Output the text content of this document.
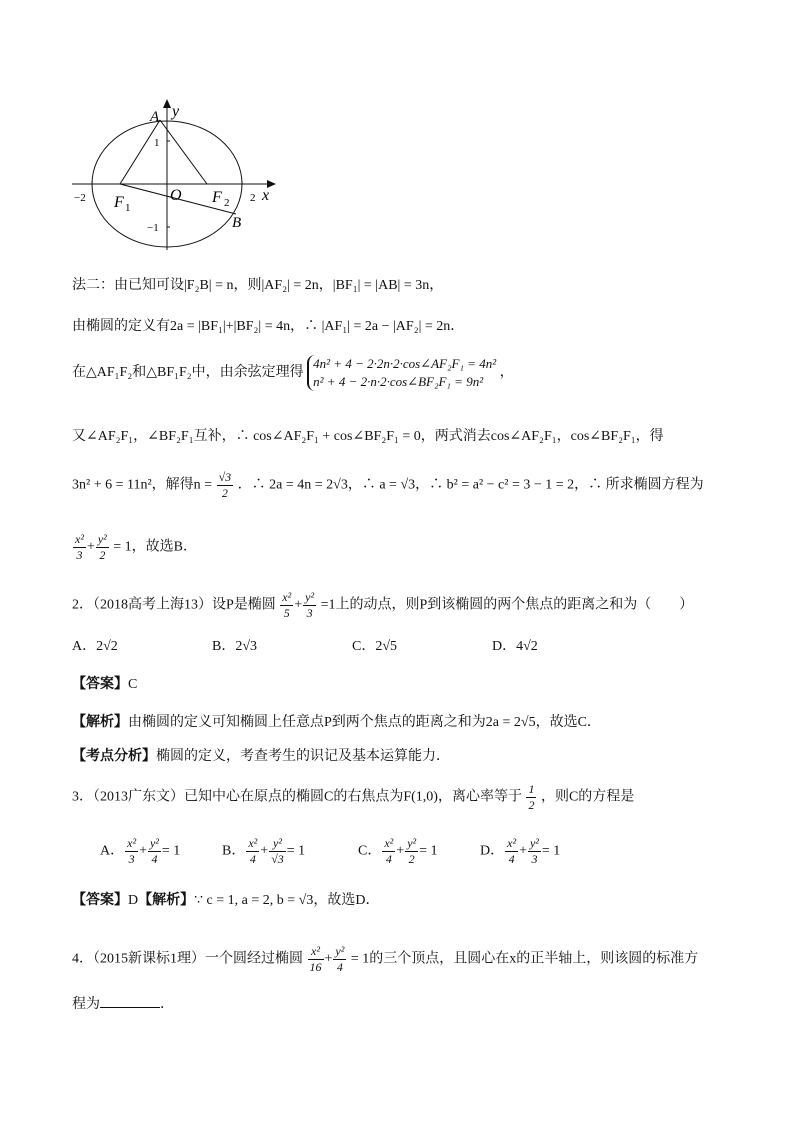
A y
1
−2 F 1
O F 2 2 x
−1	B
法二：由已知可设|F₂B| = n，则|AF₂| = 2n，|BF₁| = |AB| = 3n，
由椭圆的定义有2a = |BF₁|+|BF₂| = 4n，∴ |AF₁| = 2a − |AF₂| = 2n．
在△AF₁F₂和△BF₁F₂中，由余弦定理得
4n² + 4 − 2·2n·2·cos∠AF₂F₁ = 4n²
n² + 4 − 2·n·2·cos∠BF₂F₁ = 9n²
，
又∠AF₂F₁，∠BF₂F₁互补，∴ cos∠AF₂F₁ + cos∠BF₂F₁ = 0，两式消去cos∠AF₂F₁，cos∠BF₂F₁，得
3n² + 6 = 11n²，解得$n = \frac{√3}{2}$ ．∴ 2a = 4n = 2√3，∴ a = √3，∴ b² = a² − c² = 3 − 1 = 2，∴ 所求椭圆方程为
$\frac{\text{x²}}{3} + \frac{\text{y²}}{2} = 1$，故选B．
2．（2018高考上海13）设P是椭圆 $\frac{\text{x²}}{5} + \frac{\text{y²}}{3} =1$上的动点，则P到该椭圆的两个焦点的距离之和为（　　）
A．2√2	B．2√3	C．2√5	D．4√2
【答案】C
【解析】由椭圆的定义可知椭圆上任意点P到两个焦点的距离之和为2a = 2√5，故选C．
【考点分析】椭圆的定义，考查考生的识记及基本运算能力．
3．（2013广东文）已知中心在原点的椭圆C的右焦点为F(1,0)，离心率等于 $\frac{1}{2}$ ，则C的方程是
A． $\frac{\text{x²}}{3} + \frac{\text{y²}}{4} = 1$	B． $\frac{\text{x²}}{4} + \frac{\text{y²}}{√3} = 1$	C． $\frac{\text{x²}}{4} + \frac{\text{y²}}{2} = 1$	D． $\frac{\text{x²}}{4} + \frac{\text{y²}}{3} = 1$
【答案】D【解析】∵ c = 1, a = 2, b = √3，故选D．
4．（2015新课标1理）一个圆经过椭圆 $\frac{\text{x²}}{16} + \frac{\text{y²}}{4} = 1$的三个顶点，且圆心在x的正半轴上，则该圆的标准方
程为	．
